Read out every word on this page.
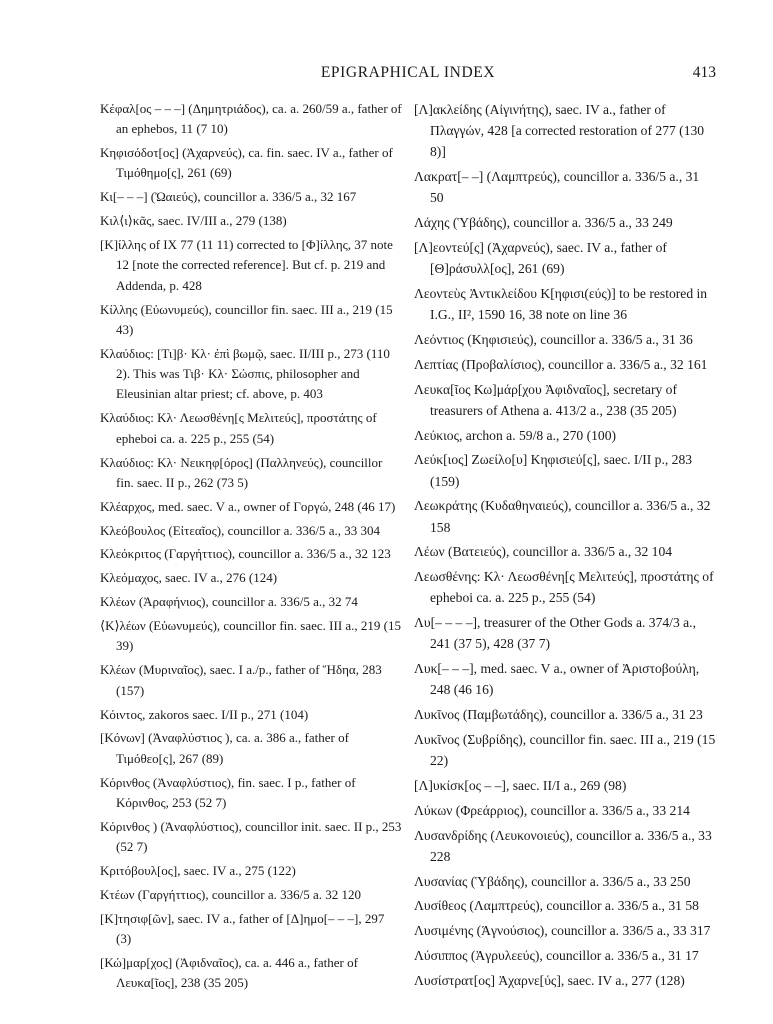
EPIGRAPHICAL INDEX	413

Κέφαλ[ος – – –] (Δημητριάδος), ca. a. 260/59 a., father of an ephebos, 11 (7 10)

Κηφισόδοτ[ος] (Ἀχαρνεύς), ca. fin. saec. IV a., father of Τιμόθημο[ς], 261 (69)

Κι[– – –] (Ὠαιεύς), councillor a. 336/5 a., 32 167

Κιλ⟨ι⟩κᾶς, saec. IV/III a., 279 (138)

[Κ]ίλλης of IX 77 (11 11) corrected to [Φ]ίλλης, 37 note 12 [note the corrected reference]. But cf. p. 219 and Addenda, p. 428

Κίλλης (Εὐωνυμεύς), councillor fin. saec. III a., 219 (15 43)

Κλαύδιος: [Τι]β· Κλ· ἐπὶ βωμῷ, saec. II/III p., 273 (110 2). This was Τιβ· Κλ· Σώσπις, philosopher and Eleusinian altar priest; cf. above, p. 403

Κλαύδιος: Κλ· Λεωσθένη[ς Μελιτεύς], προστάτης of epheboi ca. a. 225 p., 255 (54)

Κλαύδιος: Κλ· Νεικηφ[όρος] (Παλληνεύς), councillor fin. saec. II p., 262 (73 5)

Κλέαρχος, med. saec. V a., owner of Γοργώ, 248 (46 17)

Κλεόβουλος (Εἰτεαῖος), councillor a. 336/5 a., 33 304

Κλεόκριτος (Γαργήττιος), councillor a. 336/5 a., 32 123

Κλεόμαχος, saec. IV a., 276 (124)

Κλέων (Ἀραφήνιος), councillor a. 336/5 a., 32 74

⟨Κ⟩λέων (Εὐωνυμεύς), councillor fin. saec. III a., 219 (15 39)

Κλέων (Μυριναῖος), saec. I a./p., father of Ἥδηα, 283 (157)

Κόιντος, zakoros saec. I/II p., 271 (104)

[Κόνων] (Ἀναφλύστιος ), ca. a. 386 a., father of Τιμόθεο[ς], 267 (89)

Κόρινθος (Ἀναφλύστιος), fin. saec. I p., father of Κόρινθος, 253 (52 7)

Κόρινθος ) (Ἀναφλύστιος), councillor init. saec. II p., 253 (52 7)

Κριτόβουλ[ος], saec. IV a., 275 (122)

Κτέων (Γαργήττιος), councillor a. 336/5 a. 32 120

[Κ]τησιφ[ῶν], saec. IV a., father of [Δ]ημο[– – –], 297 (3)

[Κώ]μαρ[χος] (Ἀφιδναῖος), ca. a. 446 a., father of Λευκα[ῖος], 238 (35 205)

[Λ]ακλείδης (Αἰγινήτης), saec. IV a., father of Πλαγγών, 428 [a corrected restoration of 277 (130 8)]

Λακρατ[– –] (Λαμπτρεύς), councillor a. 336/5 a., 31 50

Λάχης (Ὑβάδης), councillor a. 336/5 a., 33 249

[Λ]εοντεύ[ς] (Ἀχαρνεύς), saec. IV a., father of [Θ]ράσυλλ[ος], 261 (69)

Λεοντεὺς Ἀντικλείδου Κ[ηφισι(εύς)] to be restored in I.G., II², 1590 16, 38 note on line 36

Λεόντιος (Κηφισιεύς), councillor a. 336/5 a., 31 36

Λεπτίας (Προβαλίσιος), councillor a. 336/5 a., 32 161

Λευκα[ῖος Κω]μάρ[χου Ἀφιδναῖος], secretary of treasurers of Athena a. 413/2 a., 238 (35 205)

Λεύκιος, archon a. 59/8 a., 270 (100)

Λεύκ[ιος] Ζωείλο[υ] Κηφισιεύ[ς], saec. I/II p., 283 (159)

Λεωκράτης (Κυδαθηναιεύς), councillor a. 336/5 a., 32 158

Λέων (Βατειεύς), councillor a. 336/5 a., 32 104

Λεωσθένης: Κλ· Λεωσθένη[ς Μελιτεύς], προστάτης of epheboi ca. a. 225 p., 255 (54)

Λυ[– – – –], treasurer of the Other Gods a. 374/3 a., 241 (37 5), 428 (37 7)

Λυκ[– – –], med. saec. V a., owner of Ἀριστοβούλη, 248 (46 16)

Λυκῖνος (Παμβωτάδης), councillor a. 336/5 a., 31 23

Λυκῖνος (Συβρίδης), councillor fin. saec. III a., 219 (15 22)

[Λ]υκίσκ[ος – –], saec. II/I a., 269 (98)

Λύκων (Φρεάρριος), councillor a. 336/5 a., 33 214

Λυσανδρίδης (Λευκονοιεύς), councillor a. 336/5 a., 33 228

Λυσανίας (Ὑβάδης), councillor a. 336/5 a., 33 250

Λυσίθεος (Λαμπτρεύς), councillor a. 336/5 a., 31 58

Λυσιμένης (Ἁγνούσιος), councillor a. 336/5 a., 33 317

Λύσιππος (Ἀγρυλεεύς), councillor a. 336/5 a., 31 17

Λυσίστρατ[ος] Ἀχαρνε[ύς], saec. IV a., 277 (128)
